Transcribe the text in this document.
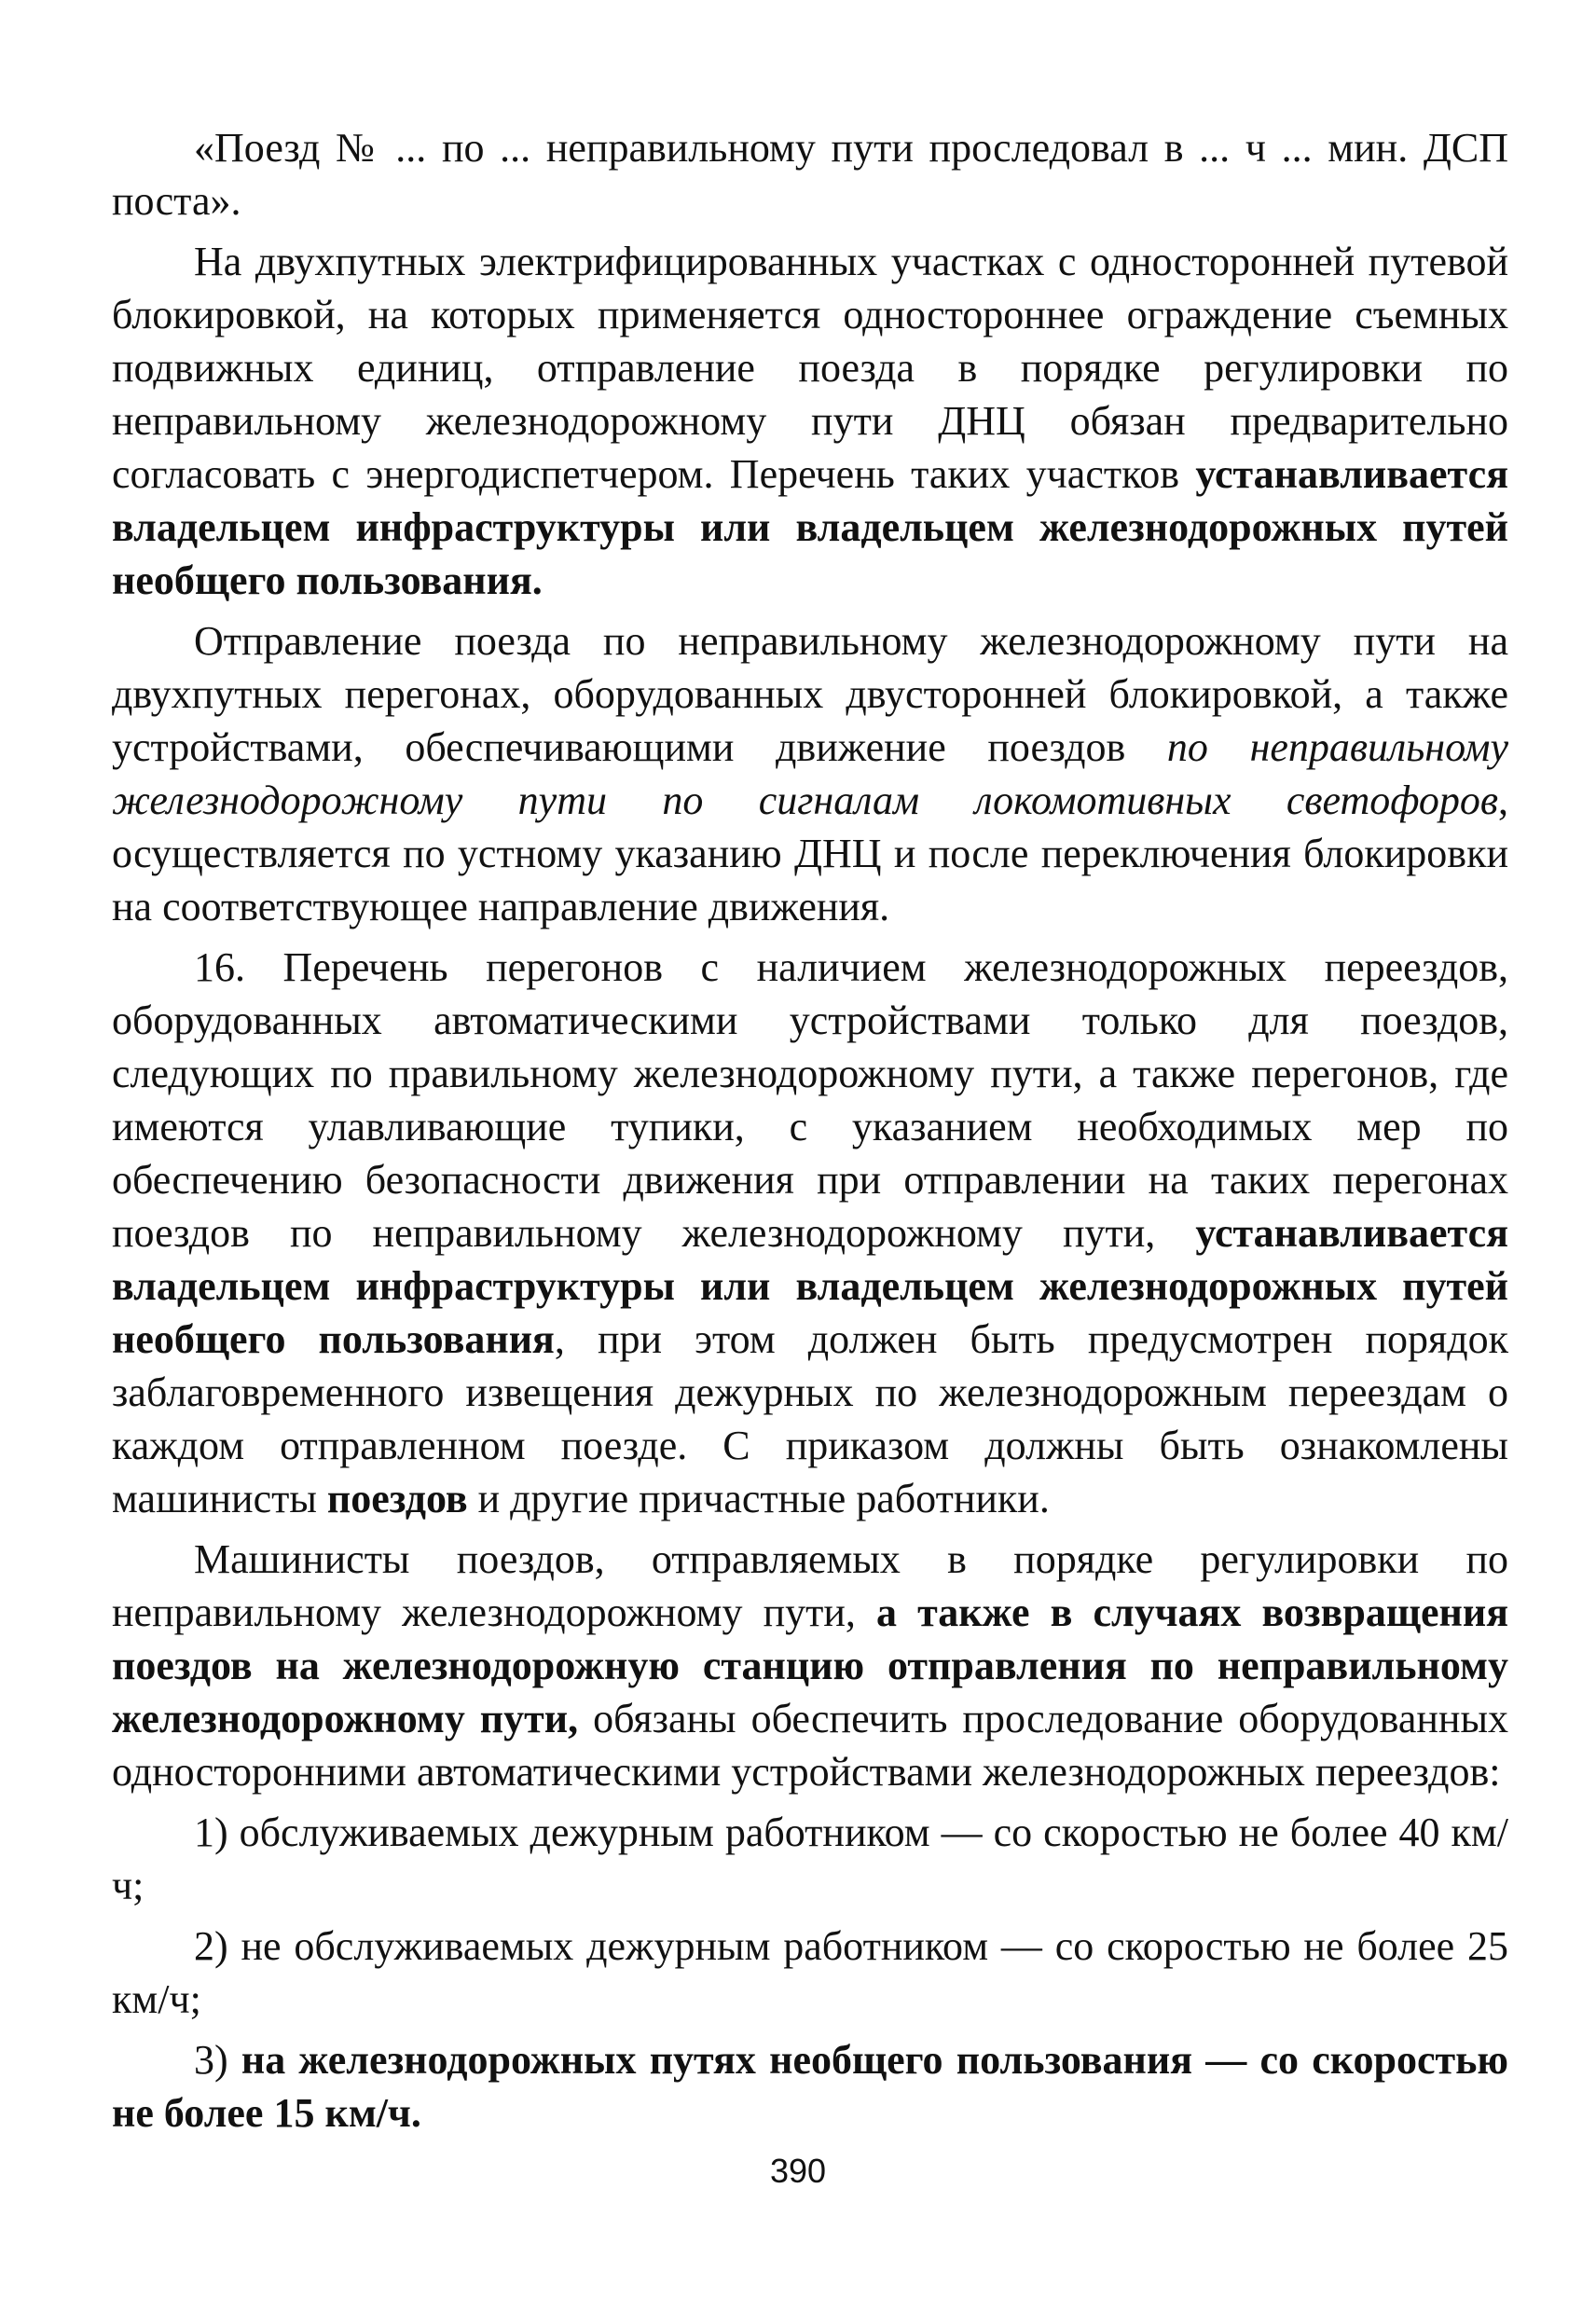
«Поезд № ... по ... неправильному пути проследовал в ... ч ... мин. ДСП поста».

На двухпутных электрифицированных участках с односторонней путевой блокировкой, на которых применяется одностороннее ограждение съемных подвижных единиц, отправление поезда в порядке регулировки по неправильному железнодорожному пути ДНЦ обязан предварительно согласовать с энергодиспетчером. Перечень таких участков устанавливается владельцем инфраструктуры или владельцем железнодорожных путей необщего пользования.

Отправление поезда по неправильному железнодорожному пути на двухпутных перегонах, оборудованных двусторонней блокировкой, а также устройствами, обеспечивающими движение поездов по неправильному железнодорожному пути по сигналам локомотивных светофоров, осуществляется по устному указанию ДНЦ и после переключения блокировки на соответствующее направление движения.

16. Перечень перегонов с наличием железнодорожных переездов, оборудованных автоматическими устройствами только для поездов, следующих по правильному железнодорожному пути, а также перегонов, где имеются улавливающие тупики, с указанием необходимых мер по обеспечению безопасности движения при отправлении на таких перегонах поездов по неправильному железнодорожному пути, устанавливается владельцем инфраструктуры или владельцем железнодорожных путей необщего пользования, при этом должен быть предусмотрен порядок заблаговременного извещения дежурных по железнодорожным переездам о каждом отправленном поезде. С приказом должны быть ознакомлены машинисты поездов и другие причастные работники.

Машинисты поездов, отправляемых в порядке регулировки по неправильному железнодорожному пути, а также в случаях возвращения поездов на железнодорожную станцию отправления по неправильному железнодорожному пути, обязаны обеспечить проследование оборудованных односторонними автоматическими устройствами железнодорожных переездов:

1) обслуживаемых дежурным работником — со скоростью не более 40 км/ч;

2) не обслуживаемых дежурным работником — со скоростью не более 25 км/ч;

3) на железнодорожных путях необщего пользования — со скоростью не более 15 км/ч.

390
